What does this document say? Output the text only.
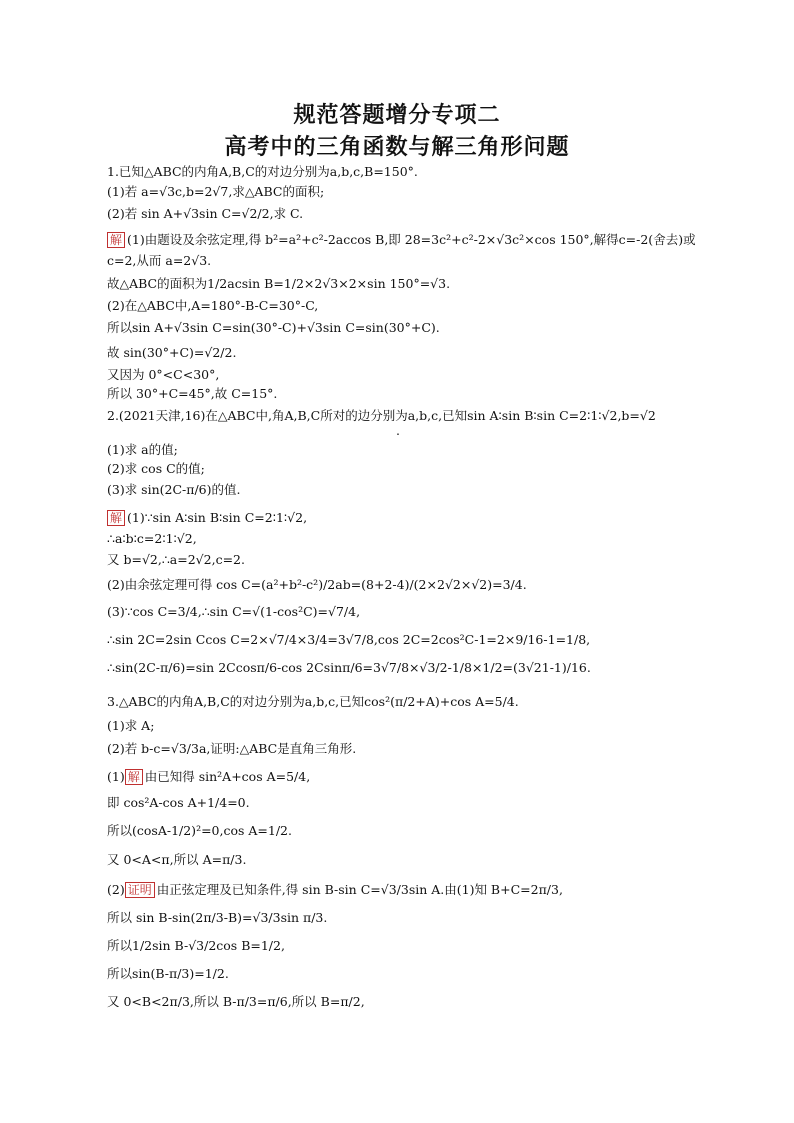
规范答题增分专项二
高考中的三角函数与解三角形问题
1.已知△ABC的内角A,B,C的对边分别为a,b,c,B=150°.
(1)若 a=√3c,b=2√7,求△ABC的面积;
(2)若 sin A+√3sin C=√2/2,求 C.
解 (1)由题设及余弦定理,得 b²=a²+c²-2accos B,即 28=3c²+c²-2×√3c²×cos 150°,解得c=-2(舍去)或
c=2,从而 a=2√3.
故△ABC的面积为1/2acsin B=1/2×2√3×2×sin 150°=√3.
(2)在△ABC中,A=180°-B-C=30°-C,
所以sin A+√3sin C=sin(30°-C)+√3sin C=sin(30°+C).
故 sin(30°+C)=√2/2.
又因为 0°<C<30°,
所以 30°+C=45°,故 C=15°.
2.(2021天津,16)在△ABC中,角A,B,C所对的边分别为a,b,c,已知sin A∶sin B∶sin C=2∶1∶√2,b=√2
.
(1)求 a的值;
(2)求 cos C的值;
(3)求 sin(2C-π/6)的值.
解 (1)∵sin A∶sin B∶sin C=2∶1∶√2,
∴a∶b∶c=2∶1∶√2,
又 b=√2,∴a=2√2,c=2.
(2)由余弦定理可得 cos C=(a²+b²-c²)/2ab=(8+2-4)/(2×2√2×√2)=3/4.
(3)∵cos C=3/4,∴sin C=√(1-cos²C)=√7/4,
∴sin 2C=2sin Ccos C=2×√7/4×3/4=3√7/8,cos 2C=2cos²C-1=2×9/16-1=1/8,
∴sin(2C-π/6)=sin 2Ccosπ/6-cos 2Csinπ/6=3√7/8×√3/2-1/8×1/2=(3√21-1)/16.
3.△ABC的内角A,B,C的对边分别为a,b,c,已知cos²(π/2+A)+cos A=5/4.
(1)求 A;
(2)若 b-c=√3/3a,证明:△ABC是直角三角形.
(1) 解 由已知得 sin²A+cos A=5/4,
即 cos²A-cos A+1/4=0.
所以(cosA-1/2)²=0,cos A=1/2.
又 0<A<π,所以 A=π/3.
(2) 证明 由正弦定理及已知条件,得 sin B-sin C=√3/3sin A.由(1)知 B+C=2π/3,
所以 sin B-sin(2π/3-B)=√3/3sin π/3.
所以1/2sin B-√3/2cos B=1/2,
所以sin(B-π/3)=1/2.
又 0<B<2π/3,所以 B-π/3=π/6,所以 B=π/2,
